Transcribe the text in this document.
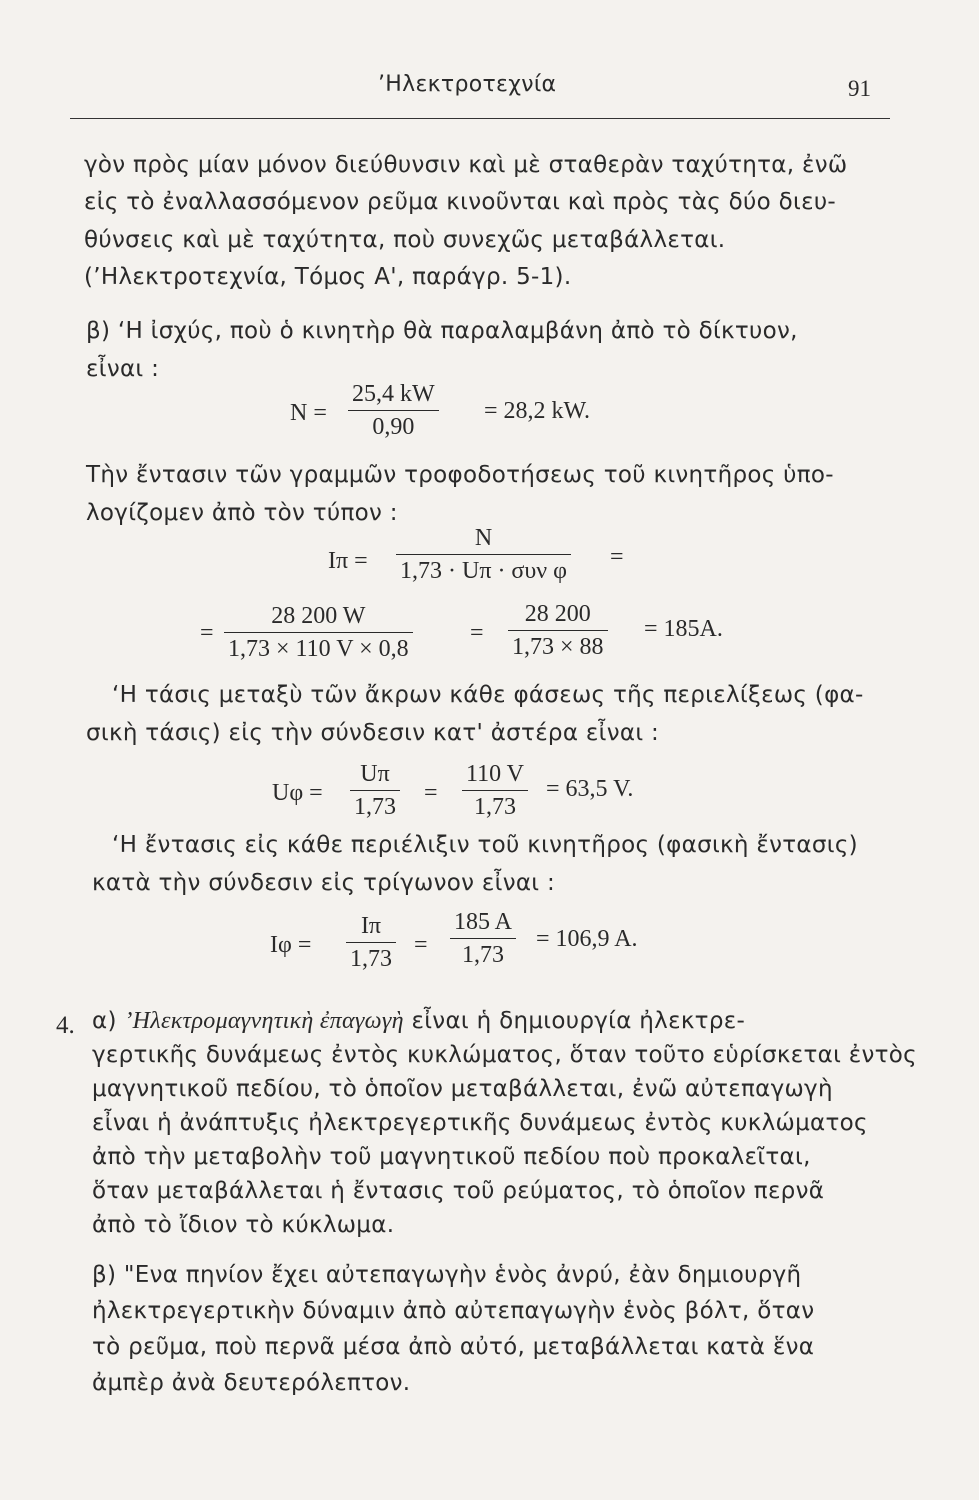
’Ηλεκτροτεχνία	91
γὸν πρὸς μίαν μόνον διεύθυνσιν καὶ μὲ σταθερὰν ταχύτητα, ἐνῶ
εἰς τὸ ἐναλλασσόμενον ρεῦμα κινοῦνται καὶ πρὸς τὰς δύο διευ-
θύνσεις καὶ μὲ ταχύτητα, ποὺ συνεχῶς μεταβάλλεται.
(’Ηλεκτροτεχνία, Τόμος Α', παράγρ. 5-1).
β) ‘Η ἰσχύς, ποὺ ὁ κινητὴρ θὰ παραλαμβάνη ἀπὸ τὸ δίκτυον,
εἶναι :
N =
25,4 kW
0,90
= 28,2 kW.
Τὴν ἔντασιν τῶν γραμμῶν τροφοδοτήσεως τοῦ κινητῆρος ὑπο-
λογίζομεν ἀπὸ τὸν τύπον :
Iπ =
N
1,73 · Uπ · συν φ
=
=
28 200 W
1,73 × 110 V × 0,8
=
28 200
1,73 × 88
= 185A.
‘Η τάσις μεταξὺ τῶν ἄκρων κάθε φάσεως τῆς περιελίξεως (φα-
σικὴ τάσις) εἰς τὴν σύνδεσιν κατ' ἀστέρα εἶναι :
Uφ =
Uπ
1,73
=
110 V
1,73
= 63,5 V.
‘Η ἔντασις εἰς κάθε περιέλιξιν τοῦ κινητῆρος (φασικὴ ἔντασις)
κατὰ τὴν σύνδεσιν εἰς τρίγωνον εἶναι :
Iφ =
Iπ
1,73
=
185 A
1,73
= 106,9 A.
4. α) ’Ηλεκτρομαγνητικὴ ἐπαγωγὴ εἶναι ἡ δημιουργία ἠλεκτρε-
γερτικῆς δυνάμεως ἐντὸς κυκλώματος, ὅταν τοῦτο εὑρίσκεται ἐντὸς
μαγνητικοῦ πεδίου, τὸ ὁποῖον μεταβάλλεται, ἐνῶ αὐτεπαγωγὴ
εἶναι ἡ ἀνάπτυξις ἠλεκτρεγερτικῆς δυνάμεως ἐντὸς κυκλώματος
ἀπὸ τὴν μεταβολὴν τοῦ μαγνητικοῦ πεδίου ποὺ προκαλεῖται,
ὅταν μεταβάλλεται ἡ ἔντασις τοῦ ρεύματος, τὸ ὁποῖον περνᾶ
ἀπὸ τὸ ἴδιον τὸ κύκλωμα.
β) "Ενα πηνίον ἔχει αὐτεπαγωγὴν ἑνὸς ἀνρύ, ἐὰν δημιουργῆ
ἠλεκτρεγερτικὴν δύναμιν ἀπὸ αὐτεπαγωγὴν ἑνὸς βόλτ, ὅταν
τὸ ρεῦμα, ποὺ περνᾶ μέσα ἀπὸ αὐτό, μεταβάλλεται κατὰ ἕνα
ἀμπὲρ ἀνὰ δευτερόλεπτον.
